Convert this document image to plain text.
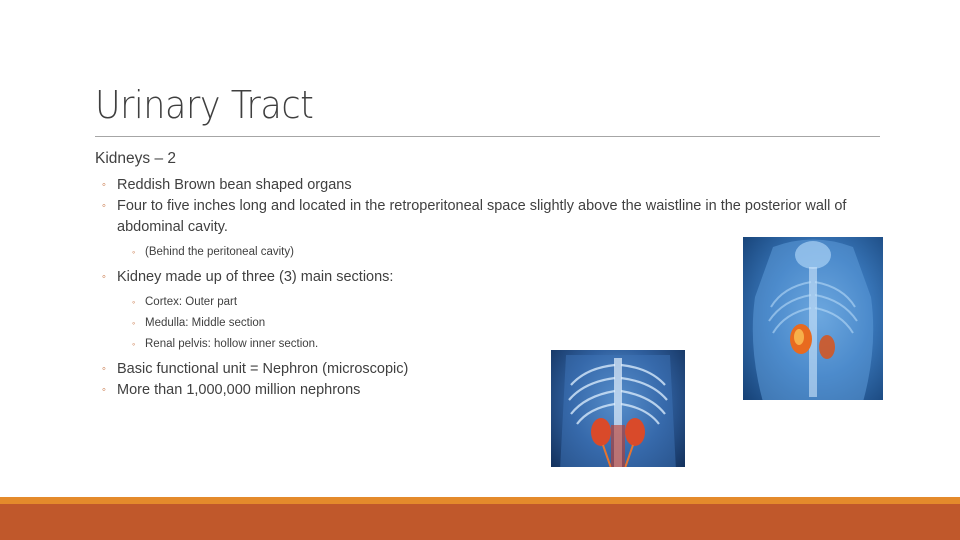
Urinary Tract
Kidneys – 2
◦ Reddish Brown bean shaped organs
◦ Four to five inches long and located in the retroperitoneal space slightly above the waistline in the posterior wall of abdominal cavity.
◦ (Behind the peritoneal cavity)
◦ Kidney made up of three (3) main sections:
◦ Cortex: Outer part
◦ Medulla: Middle section
◦ Renal pelvis: hollow inner section.
◦ Basic functional unit = Nephron (microscopic)
◦ More than 1,000,000 million nephrons
